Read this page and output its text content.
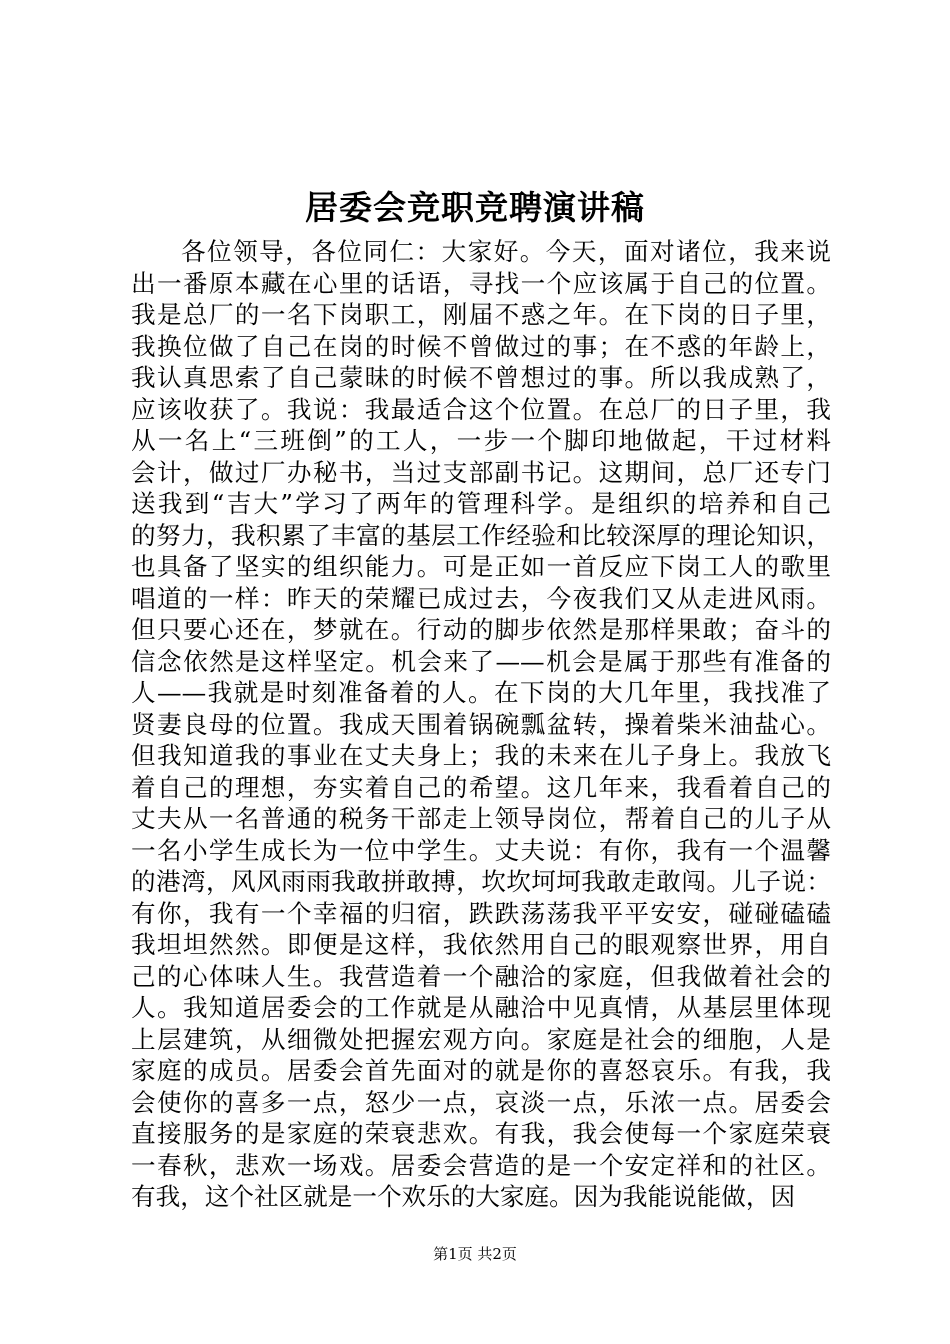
居委会竞职竞聘演讲稿
各位领导，各位同仁：大家好。今天，面对诸位，我来说
出一番原本藏在心里的话语，寻找一个应该属于自己的位置。
我是总厂的一名下岗职工，刚届不惑之年。在下岗的日子里，
我换位做了自己在岗的时候不曾做过的事；在不惑的年龄上，
我认真思索了自己蒙昧的时候不曾想过的事。所以我成熟了，
应该收获了。我说：我最适合这个位置。在总厂的日子里，我
从一名上“三班倒”的工人，一步一个脚印地做起，干过材料
会计，做过厂办秘书，当过支部副书记。这期间，总厂还专门
送我到“吉大”学习了两年的管理科学。是组织的培养和自己
的努力，我积累了丰富的基层工作经验和比较深厚的理论知识，
也具备了坚实的组织能力。可是正如一首反应下岗工人的歌里
唱道的一样：昨天的荣耀已成过去，今夜我们又从走进风雨。
但只要心还在，梦就在。行动的脚步依然是那样果敢；奋斗的
信念依然是这样坚定。机会来了——机会是属于那些有准备的
人——我就是时刻准备着的人。在下岗的大几年里，我找准了
贤妻良母的位置。我成天围着锅碗瓢盆转，操着柴米油盐心。
但我知道我的事业在丈夫身上；我的未来在儿子身上。我放飞
着自己的理想，夯实着自己的希望。这几年来，我看着自己的
丈夫从一名普通的税务干部走上领导岗位，帮着自己的儿子从
一名小学生成长为一位中学生。丈夫说：有你，我有一个温馨
的港湾，风风雨雨我敢拼敢搏，坎坎坷坷我敢走敢闯。儿子说：
有你，我有一个幸福的归宿，跌跌荡荡我平平安安，碰碰磕磕
我坦坦然然。即便是这样，我依然用自己的眼观察世界，用自
己的心体味人生。我营造着一个融洽的家庭，但我做着社会的
人。我知道居委会的工作就是从融洽中见真情，从基层里体现
上层建筑，从细微处把握宏观方向。家庭是社会的细胞，人是
家庭的成员。居委会首先面对的就是你的喜怒哀乐。有我，我
会使你的喜多一点，怒少一点，哀淡一点，乐浓一点。居委会
直接服务的是家庭的荣衰悲欢。有我，我会使每一个家庭荣衰
一春秋，悲欢一场戏。居委会营造的是一个安定祥和的社区。
有我，这个社区就是一个欢乐的大家庭。因为我能说能做，因
第1页 共2页
